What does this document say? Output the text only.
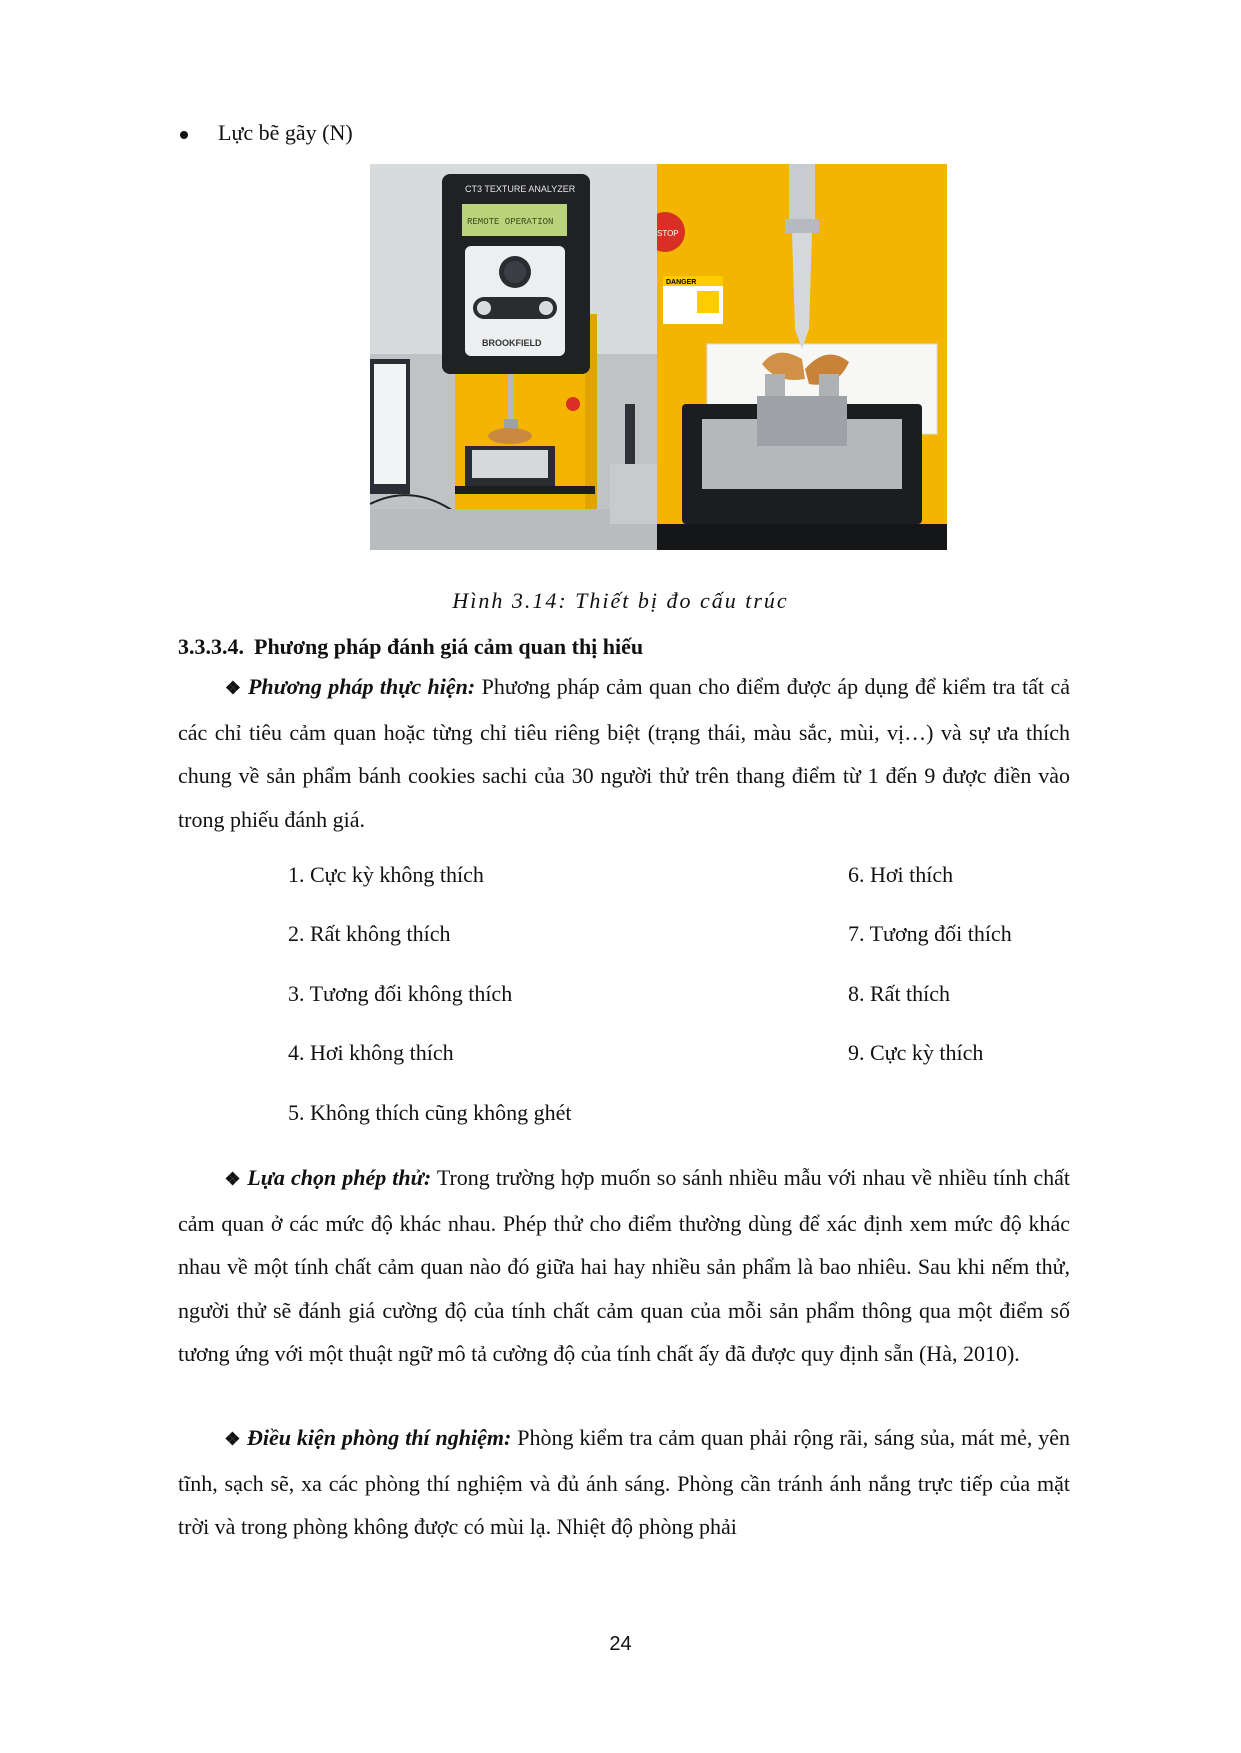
Lực bẽ gãy (N)
CT3 TEXTURE ANALYZER
REMOTE OPERATION
BROOKFIELD
STOP
DANGER
Hình 3.14: Thiết bị đo cấu trúc
3.3.3.4. Phương pháp đánh giá cảm quan thị hiếu

❖ Phương pháp thực hiện: Phương pháp cảm quan cho điểm được áp dụng để kiểm tra tất cả các chỉ tiêu cảm quan hoặc từng chỉ tiêu riêng biệt (trạng thái, màu sắc, mùi, vị…) và sự ưa thích chung về sản phẩm bánh cookies sachi của 30 người thử trên thang điểm từ 1 đến 9 được điền vào trong phiếu đánh giá.

1. Cực kỳ không thích
2. Rất không thích
3. Tương đối không thích
4. Hơi không thích
5. Không thích cũng không ghét
6. Hơi thích
7. Tương đối thích
8. Rất thích
9. Cực kỳ thích

❖ Lựa chọn phép thử: Trong trường hợp muốn so sánh nhiều mẫu với nhau về nhiều tính chất cảm quan ở các mức độ khác nhau. Phép thử cho điểm thường dùng để xác định xem mức độ khác nhau về một tính chất cảm quan nào đó giữa hai hay nhiều sản phẩm là bao nhiêu. Sau khi nếm thử, người thử sẽ đánh giá cường độ của tính chất cảm quan của mỗi sản phẩm thông qua một điểm số tương ứng với một thuật ngữ mô tả cường độ của tính chất ấy đã được quy định sẵn (Hà, 2010).

❖ Điều kiện phòng thí nghiệm: Phòng kiểm tra cảm quan phải rộng rãi, sáng sủa, mát mẻ, yên tĩnh, sạch sẽ, xa các phòng thí nghiệm và đủ ánh sáng. Phòng cần tránh ánh nắng trực tiếp của mặt trời và trong phòng không được có mùi lạ. Nhiệt độ phòng phải

24
